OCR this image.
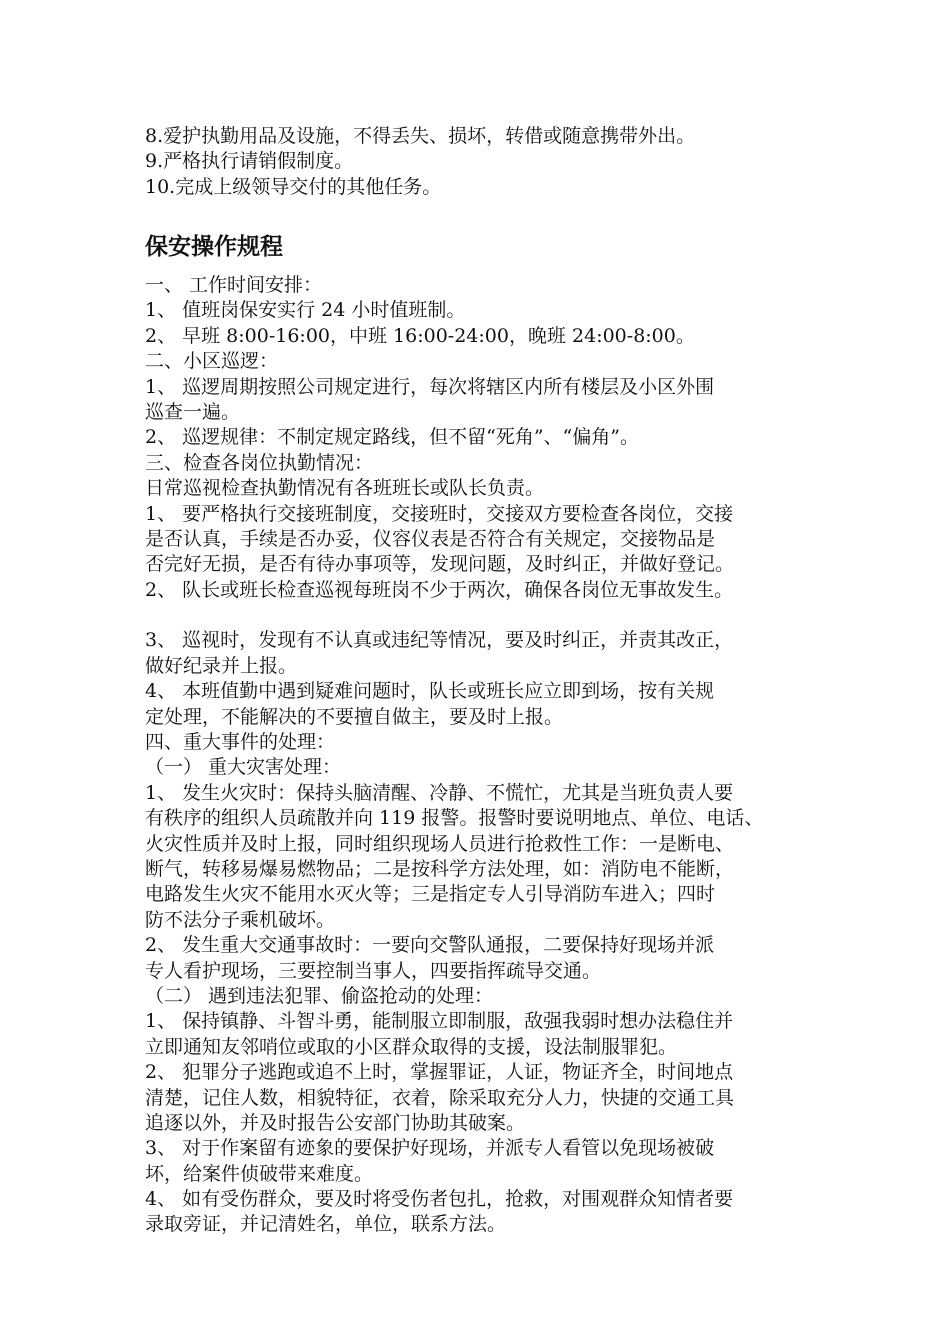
8.爱护执勤用品及设施，不得丢失、损坏，转借或随意携带外出。
9.严格执行请销假制度。
10.完成上级领导交付的其他任务。
保安操作规程
一、 工作时间安排：
1、 值班岗保安实行 24 小时值班制。
2、 早班 8:00-16:00，中班 16:00-24:00，晚班 24:00-8:00。
二、小区巡逻：
1、 巡逻周期按照公司规定进行，每次将辖区内所有楼层及小区外围
巡查一遍。
2、 巡逻规律：不制定规定路线，但不留“死角”、“偏角”。
三、检查各岗位执勤情况：
日常巡视检查执勤情况有各班班长或队长负责。
1、 要严格执行交接班制度，交接班时，交接双方要检查各岗位，交接
是否认真，手续是否办妥，仪容仪表是否符合有关规定，交接物品是
否完好无损，是否有待办事项等，发现问题，及时纠正，并做好登记。
2、 队长或班长检查巡视每班岗不少于两次，确保各岗位无事故发生。
3、 巡视时，发现有不认真或违纪等情况，要及时纠正，并责其改正，
做好纪录并上报。
4、 本班值勤中遇到疑难问题时，队长或班长应立即到场，按有关规
定处理，不能解决的不要擅自做主，要及时上报。
四、重大事件的处理：
（一） 重大灾害处理：
1、 发生火灾时：保持头脑清醒、冷静、不慌忙，尤其是当班负责人要
有秩序的组织人员疏散并向 119 报警。报警时要说明地点、单位、电话、
火灾性质并及时上报，同时组织现场人员进行抢救性工作：一是断电、
断气，转移易爆易燃物品；二是按科学方法处理，如：消防电不能断，
电路发生火灾不能用水灭火等；三是指定专人引导消防车进入；四时
防不法分子乘机破坏。
2、 发生重大交通事故时：一要向交警队通报，二要保持好现场并派
专人看护现场，三要控制当事人，四要指挥疏导交通。
（二） 遇到违法犯罪、偷盗抢动的处理：
1、 保持镇静、斗智斗勇，能制服立即制服，敌强我弱时想办法稳住并
立即通知友邻哨位或取的小区群众取得的支援，设法制服罪犯。
2、 犯罪分子逃跑或追不上时，掌握罪证，人证，物证齐全，时间地点
清楚，记住人数，相貌特征，衣着，除采取充分人力，快捷的交通工具
追逐以外，并及时报告公安部门协助其破案。
3、 对于作案留有迹象的要保护好现场，并派专人看管以免现场被破
坏，给案件侦破带来难度。
4、 如有受伤群众，要及时将受伤者包扎，抢救，对围观群众知情者要
录取旁证，并记清姓名，单位，联系方法。
